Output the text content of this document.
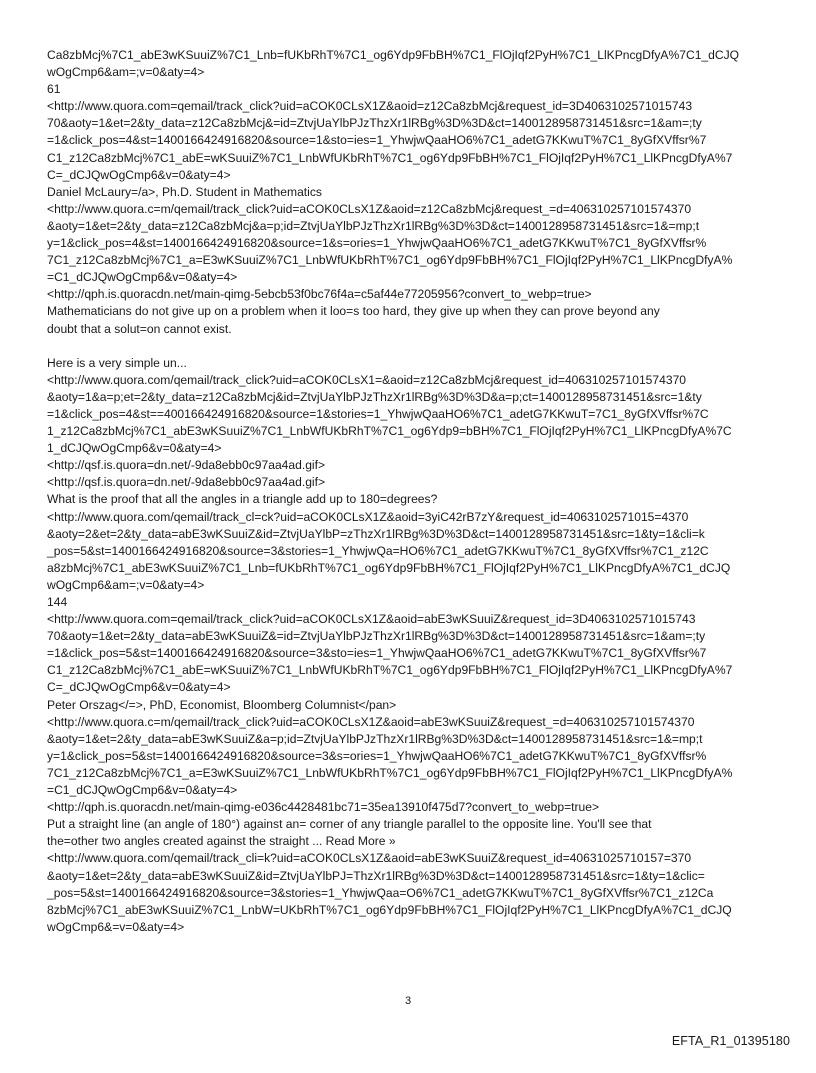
Ca8zbMcj%7C1_abE3wKSuuiZ%7C1_Lnb=fUKbRhT%7C1_og6Ydp9FbBH%7C1_FlOjIqf2PyH%7C1_LlKPncgDfyA%7C1_dCJQ
wOgCmp6&am=;v=0&aty=4>
61
<http://www.quora.com=qemail/track_click?uid=aCOK0CLsX1Z&aoid=z12Ca8zbMcj&request_id=3D4063102571015743
70&aoty=1&et=2&ty_data=z12Ca8zbMcj&=id=ZtvjUaYlbPJzThzXr1lRBg%3D%3D&ct=1400128958731451&src=1&am=;ty
=1&click_pos=4&st=1400166424916820&source=1&sto=ies=1_YhwjwQaaHO6%7C1_adetG7KKwuT%7C1_8yGfXVffsr%7
C1_z12Ca8zbMcj%7C1_abE=wKSuuiZ%7C1_LnbWfUKbRhT%7C1_og6Ydp9FbBH%7C1_FlOjIqf2PyH%7C1_LlKPncgDfyA%7
C=_dCJQwOgCmp6&v=0&aty=4>
Daniel McLaury=/a>, Ph.D. Student in Mathematics
<http://www.quora.c=m/qemail/track_click?uid=aCOK0CLsX1Z&aoid=z12Ca8zbMcj&request_=d=406310257101574370
&aoty=1&et=2&ty_data=z12Ca8zbMcj&a=p;id=ZtvjUaYlbPJzThzXr1lRBg%3D%3D&ct=1400128958731451&src=1&=mp;t
y=1&click_pos=4&st=1400166424916820&source=1&s=ories=1_YhwjwQaaHO6%7C1_adetG7KKwuT%7C1_8yGfXVffsr%
7C1_z12Ca8zbMcj%7C1_a=E3wKSuuiZ%7C1_LnbWfUKbRhT%7C1_og6Ydp9FbBH%7C1_FlOjIqf2PyH%7C1_LlKPncgDfyA%
=C1_dCJQwOgCmp6&v=0&aty=4>
<http://qph.is.quoracdn.net/main-qimg-5ebcb53f0bc76f4a=c5af44e77205956?convert_to_webp=true>
Mathematicians do not give up on a problem when it loo=s too hard, they give up when they can prove beyond any
doubt that a solut=on cannot exist.
Here is a very simple un...
<http://www.quora.com/qemail/track_click?uid=aCOK0CLsX1=&aoid=z12Ca8zbMcj&request_id=406310257101574370
&aoty=1&a=p;et=2&ty_data=z12Ca8zbMcj&id=ZtvjUaYlbPJzThzXr1lRBg%3D%3D&a=p;ct=1400128958731451&src=1&ty
=1&click_pos=4&st==400166424916820&source=1&stories=1_YhwjwQaaHO6%7C1_adetG7KKwuT=7C1_8yGfXVffsr%7C
1_z12Ca8zbMcj%7C1_abE3wKSuuiZ%7C1_LnbWfUKbRhT%7C1_og6Ydp9=bBH%7C1_FlOjIqf2PyH%7C1_LlKPncgDfyA%7C
1_dCJQwOgCmp6&v=0&aty=4>
<http://qsf.is.quora=dn.net/-9da8ebb0c97aa4ad.gif>
<http://qsf.is.quora=dn.net/-9da8ebb0c97aa4ad.gif>
What is the proof that all the angles in a triangle add up to 180=degrees?
<http://www.quora.com/qemail/track_cl=ck?uid=aCOK0CLsX1Z&aoid=3yiC42rB7zY&request_id=4063102571015=4370
&aoty=2&et=2&ty_data=abE3wKSuuiZ&id=ZtvjUaYlbP=zThzXr1lRBg%3D%3D&ct=1400128958731451&src=1&ty=1&cli=k
_pos=5&st=1400166424916820&source=3&stories=1_YhwjwQa=HO6%7C1_adetG7KKwuT%7C1_8yGfXVffsr%7C1_z12C
a8zbMcj%7C1_abE3wKSuuiZ%7C1_Lnb=fUKbRhT%7C1_og6Ydp9FbBH%7C1_FlOjIqf2PyH%7C1_LlKPncgDfyA%7C1_dCJQ
wOgCmp6&am=;v=0&aty=4>
144
<http://www.quora.com=qemail/track_click?uid=aCOK0CLsX1Z&aoid=abE3wKSuuiZ&request_id=3D4063102571015743
70&aoty=1&et=2&ty_data=abE3wKSuuiZ&=id=ZtvjUaYlbPJzThzXr1lRBg%3D%3D&ct=1400128958731451&src=1&am=;ty
=1&click_pos=5&st=1400166424916820&source=3&sto=ies=1_YhwjwQaaHO6%7C1_adetG7KKwuT%7C1_8yGfXVffsr%7
C1_z12Ca8zbMcj%7C1_abE=wKSuuiZ%7C1_LnbWfUKbRhT%7C1_og6Ydp9FbBH%7C1_FlOjIqf2PyH%7C1_LlKPncgDfyA%7
C=_dCJQwOgCmp6&v=0&aty=4>
Peter Orszag</=>, PhD, Economist, Bloomberg Columnist</pan>
<http://www.quora.c=m/qemail/track_click?uid=aCOK0CLsX1Z&aoid=abE3wKSuuiZ&request_=d=406310257101574370
&aoty=1&et=2&ty_data=abE3wKSuuiZ&a=p;id=ZtvjUaYlbPJzThzXr1lRBg%3D%3D&ct=1400128958731451&src=1&=mp;t
y=1&click_pos=5&st=1400166424916820&source=3&s=ories=1_YhwjwQaaHO6%7C1_adetG7KKwuT%7C1_8yGfXVffsr%
7C1_z12Ca8zbMcj%7C1_a=E3wKSuuiZ%7C1_LnbWfUKbRhT%7C1_og6Ydp9FbBH%7C1_FlOjIqf2PyH%7C1_LlKPncgDfyA%
=C1_dCJQwOgCmp6&v=0&aty=4>
<http://qph.is.quoracdn.net/main-qimg-e036c4428481bc71=35ea13910f475d7?convert_to_webp=true>
Put a straight line (an angle of 180°) against an= corner of any triangle parallel to the opposite line. You'll see that
the=other two angles created against the straight ... Read More »
<http://www.quora.com/qemail/track_cli=k?uid=aCOK0CLsX1Z&aoid=abE3wKSuuiZ&request_id=40631025710157=370
&aoty=1&et=2&ty_data=abE3wKSuuiZ&id=ZtvjUaYlbPJ=ThzXr1lRBg%3D%3D&ct=1400128958731451&src=1&ty=1&clic=
_pos=5&st=1400166424916820&source=3&stories=1_YhwjwQaa=O6%7C1_adetG7KKwuT%7C1_8yGfXVffsr%7C1_z12Ca
8zbMcj%7C1_abE3wKSuuiZ%7C1_LnbW=UKbRhT%7C1_og6Ydp9FbBH%7C1_FlOjIqf2PyH%7C1_LlKPncgDfyA%7C1_dCJQ
wOgCmp6&=v=0&aty=4>
3
EFTA_R1_01395180
